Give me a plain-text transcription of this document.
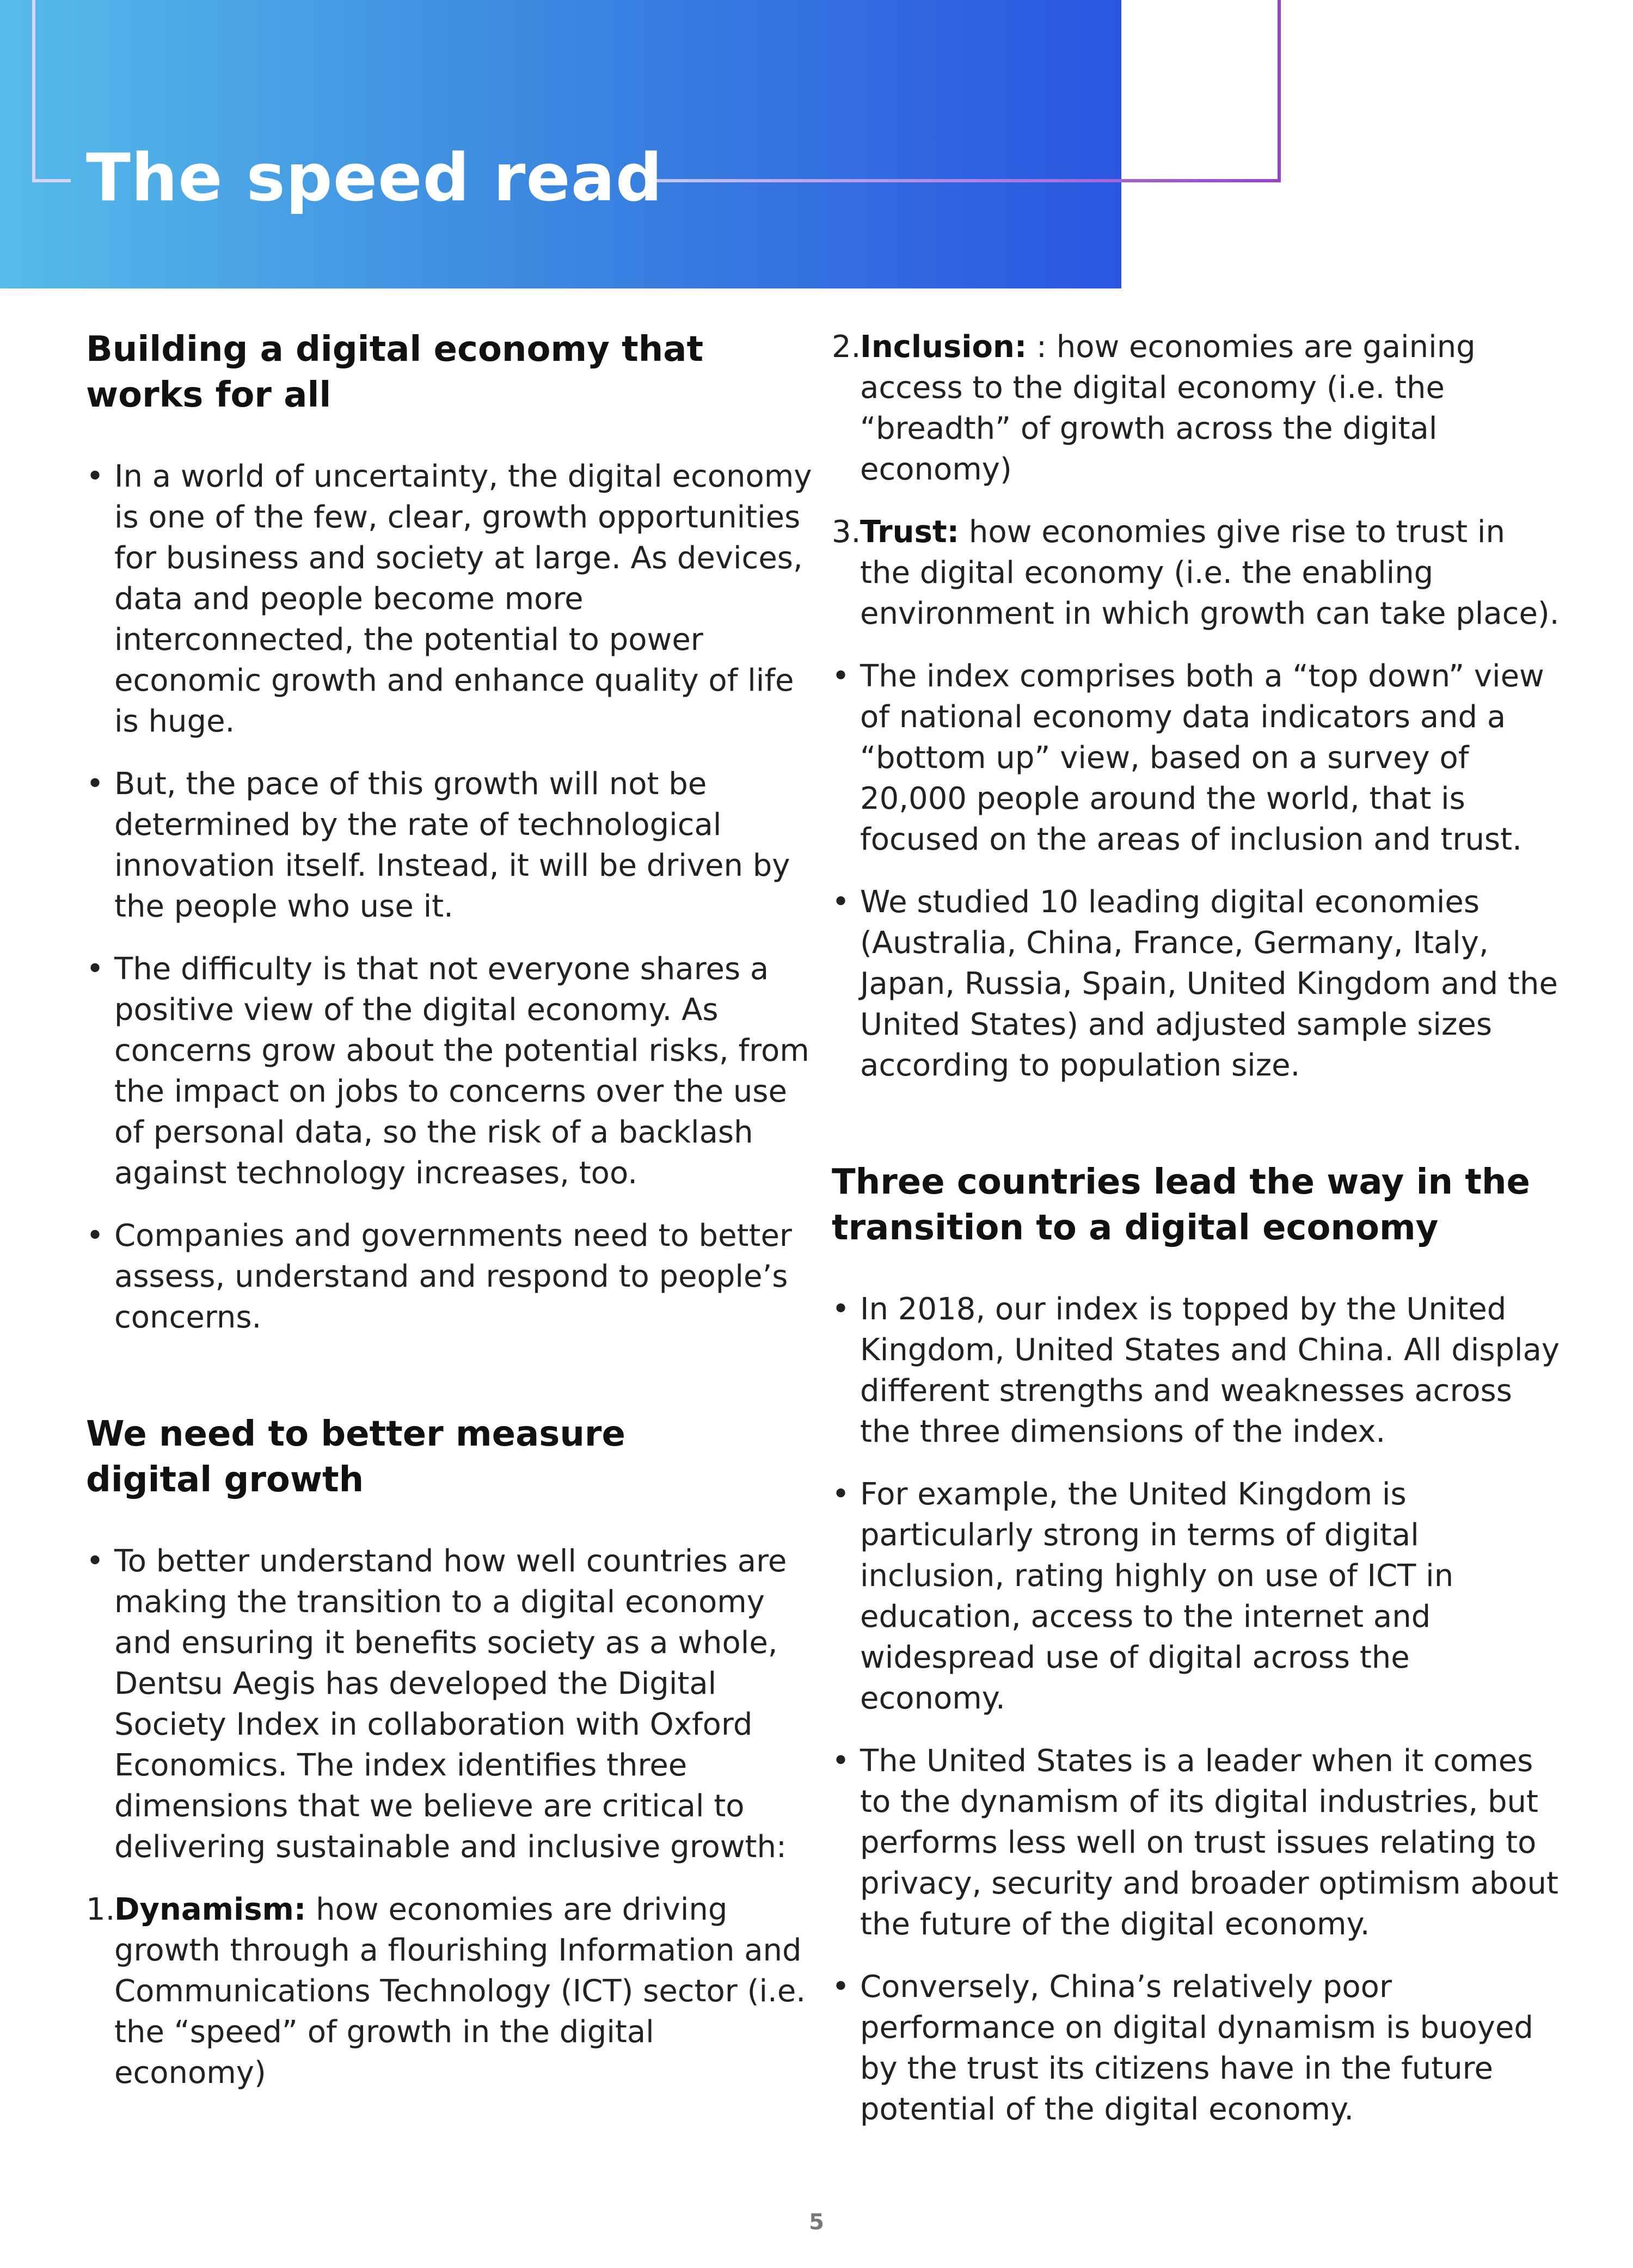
The speed read
Building a digital economy that
works for all
• In a world of uncertainty, the digital economy is one of the few, clear, growth opportunities for business and society at large. As devices, data and people become more interconnected, the potential to power economic growth and enhance quality of life is huge.
• But, the pace of this growth will not be determined by the rate of technological innovation itself. Instead, it will be driven by the people who use it.
• The difficulty is that not everyone shares a positive view of the digital economy. As concerns grow about the potential risks, from the impact on jobs to concerns over the use of personal data, so the risk of a backlash against technology increases, too.
• Companies and governments need to better assess, understand and respond to people’s concerns.
We need to better measure
digital growth
• To better understand how well countries are making the transition to a digital economy and ensuring it benefits society as a whole, Dentsu Aegis has developed the Digital Society Index in collaboration with Oxford Economics. The index identifies three dimensions that we believe are critical to delivering sustainable and inclusive growth:
1.
Dynamism: how economies are driving growth through a flourishing Information and Communications Technology (ICT) sector (i.e. the “speed” of growth in the digital economy)
2.
Inclusion: : how economies are gaining access to the digital economy (i.e. the “breadth” of growth across the digital economy)
3.
Trust: how economies give rise to trust in the digital economy (i.e. the enabling environment in which growth can take place).
• The index comprises both a “top down” view of national economy data indicators and a “bottom up” view, based on a survey of 20,000 people around the world, that is focused on the areas of inclusion and trust.
• We studied 10 leading digital economies (Australia, China, France, Germany, Italy, Japan, Russia, Spain, United Kingdom and the United States) and adjusted sample sizes according to population size.
Three countries lead the way in the
transition to a digital economy
• In 2018, our index is topped by the United Kingdom, United States and China. All display different strengths and weaknesses across the three dimensions of the index.
• For example, the United Kingdom is particularly strong in terms of digital inclusion, rating highly on use of ICT in education, access to the internet and widespread use of digital across the economy.
• The United States is a leader when it comes to the dynamism of its digital industries, but performs less well on trust issues relating to privacy, security and broader optimism about the future of the digital economy.
• Conversely, China’s relatively poor performance on digital dynamism is buoyed by the trust its citizens have in the future potential of the digital economy.
5
